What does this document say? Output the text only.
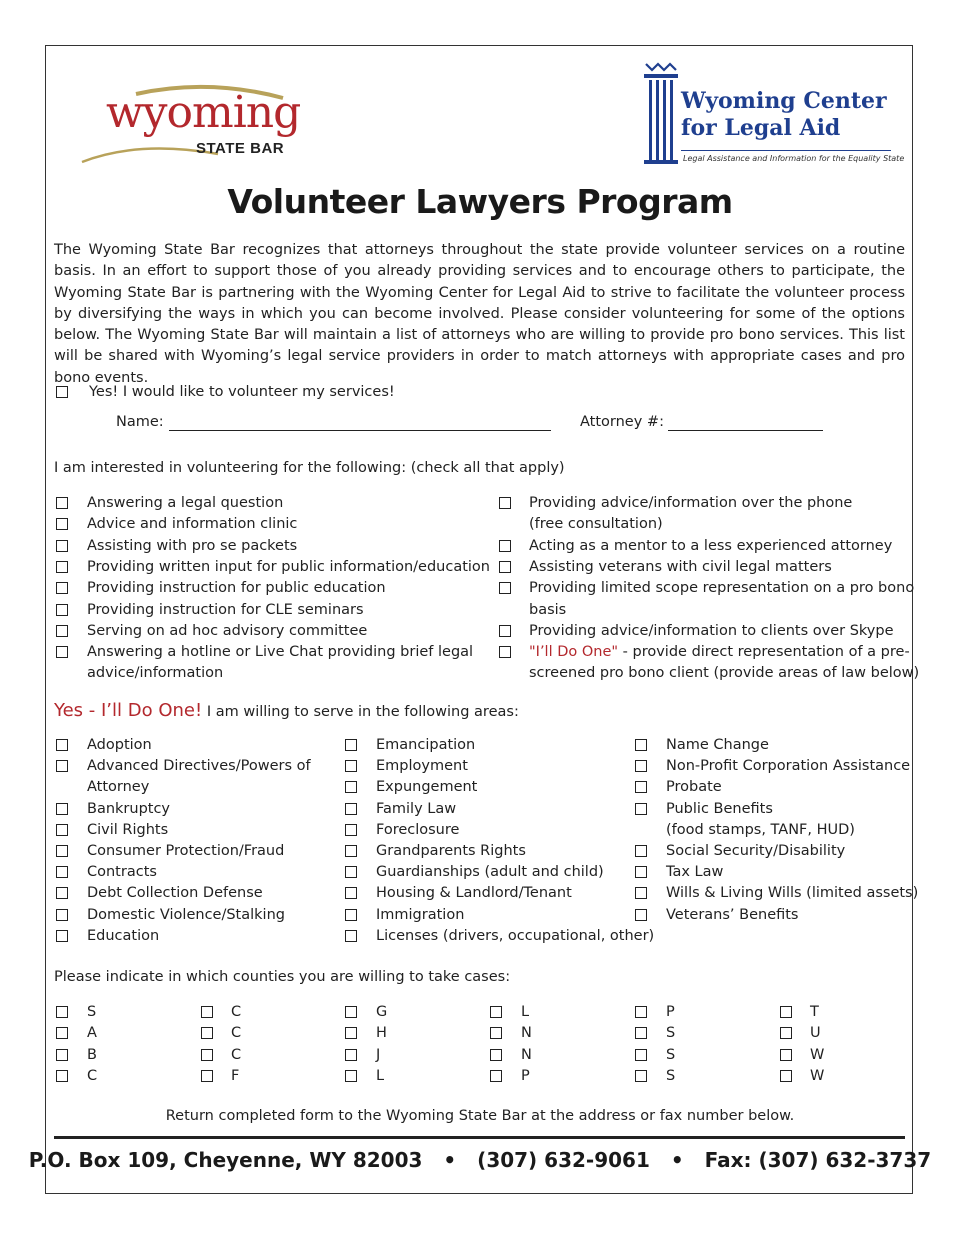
wyoming
STATE BAR
Wyoming Center
for Legal Aid
Legal Assistance and Information for the Equality State
Volunteer Lawyers Program
The Wyoming State Bar recognizes that attorneys throughout the state provide volunteer services on a routine basis. In an effort to support those of you already providing services and to encourage others to participate, the Wyoming State Bar is partnering with the Wyoming Center for Legal Aid to strive to facilitate the volunteer process by diversifying the ways in which you can become involved. Please consider volunteering for some of the options below. The Wyoming State Bar will maintain a list of attorneys who are willing to provide pro bono services. This list will be shared with Wyoming’s legal service providers in order to match attorneys with appropriate cases and pro bono events.
Yes! I would like to volunteer my services!
Name:	Attorney #:
I am interested in volunteering for the following: (check all that apply)
Answering a legal question
Advice and information clinic
Assisting with pro se packets
Providing written input for public information/education
Providing instruction for public education
Providing instruction for CLE seminars
Serving on ad hoc advisory committee
Answering a hotline or Live Chat providing brief legal
advice/information
Providing advice/information over the phone
(free consultation)
Acting as a mentor to a less experienced attorney
Assisting veterans with civil legal matters
Providing limited scope representation on a pro bono
basis
Providing advice/information to clients over Skype
"I’ll Do One" - provide direct representation of a pre-
screened pro bono client (provide areas of law below)
Yes - I’ll Do One! I am willing to serve in the following areas:
Adoption
Advanced Directives/Powers of
Attorney
Bankruptcy
Civil Rights
Consumer Protection/Fraud
Contracts
Debt Collection Defense
Domestic Violence/Stalking
Education
Emancipation
Employment
Expungement
Family Law
Foreclosure
Grandparents Rights
Guardianships (adult and child)
Housing & Landlord/Tenant
Immigration
Licenses (drivers, occupational, other)
Name Change
Non-Profit Corporation Assistance
Probate
Public Benefits
(food stamps, TANF, HUD)
Social Security/Disability
Tax Law
Wills & Living Wills (limited assets)
Veterans’ Benefits
Please indicate in which counties you are willing to take cases:
S
A
B
C
C
C
C
F
G
H
J
L
L
N
N
P
P
S
S
S
T
U
W
W
Return completed form to the Wyoming State Bar at the address or fax number below.
P.O. Box 109, Cheyenne, WY 82003 • (307) 632-9061 • Fax: (307) 632-3737
